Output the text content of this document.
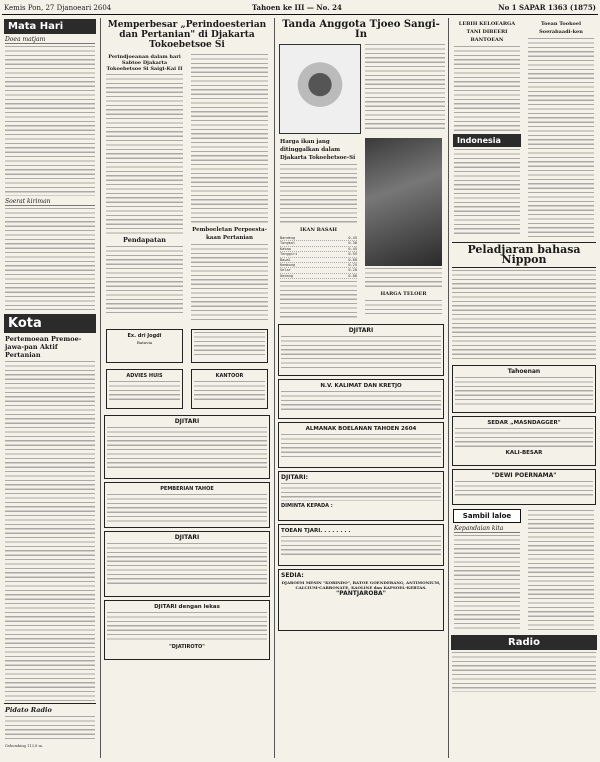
Kemis Pon, 27 Djanoeari 2604	Tahoen ke III — No. 24	No 1 SAPAR 1363 (1875)
Mata Hari
Doea matjam
Soerat kiriman
Kota
Pertemoean Premoe-jawa-pan Aktif Pertanian
Pidato Radio
Gebombing 113,8 m.
Memperbesar „Perindoesterian dan Pertanian" di Djakarta Tokoebetsoe Si
Perindjoeanan dalam hari Sabtoe Djakarta Tokoebetsoe Si Saigi-Kai II
Pendapatan
Pemboeletan Perpoesta-kaan Pertanian
Ex. dri Jogdi
Batavia
ADVIES HUIS	KANTOOR
DJITARI
PEMBERIAN TAHOE
DJITARI
DJITARI dengan lekas
"DJATIROTO"
Tanda Anggota Tjoeo Sangi-In
Harga ikan jang ditinggalkan dalam Djakarta Tokoebetsoe-Si
IKAN BASAH
Bandeng	0.45
Tongkol	0.30
Kakap	0.45
Tenggiri	0.55
Bawal	0.60
Kembung	0.25
Selar	0.20
Oedang	0.80
HARGA TELOER
DJITARI
N.V. KALIMAT DAN KRETJO
ALMANAK BOELANAN TAHOEN 2604
DJITARI:
DIMINTA KEPADA :
TOEAN TJARI. . . . . . . .
SEDIA:
DJAROEM MESIN "KORINDO", BATOE GOENDERANG, ANTIMONIUM, CALCIUM-CARBONATE, KAOLINE dan KAPSOEL-KERTAS.
"PANTJAROBA"
LEBIH KELOEARGA TANI DIBEERI BANTOEAN
Indonesia
Toean Tookoel Soerabaadi-ken
Peladjaran bahasa Nippon
Tahoenan
SEDAR „MASNDAGGER"
KALI-BESAR
"DEWI POERNAMA"
Sambil laloe
Kepandaian kita
Radio
